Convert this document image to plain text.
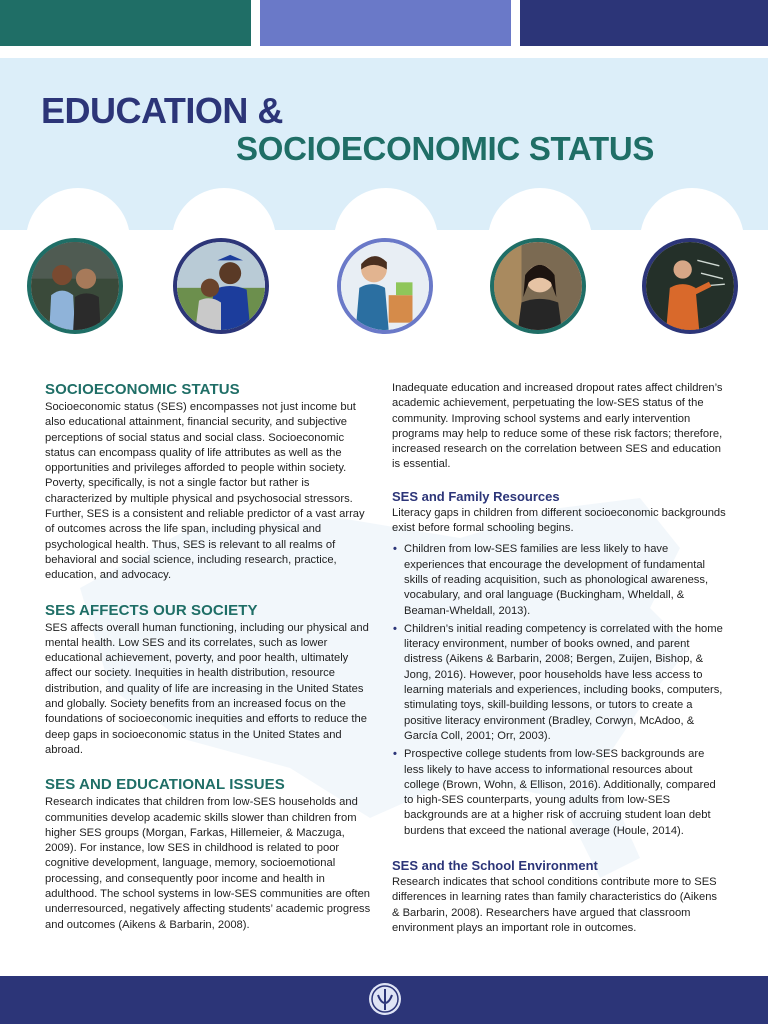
EDUCATION &
SOCIOECONOMIC STATUS
SOCIOECONOMIC STATUS

Socioeconomic status (SES) encompasses not just income but also educational attainment, financial security, and subjective perceptions of social status and social class. Socioeconomic status can encompass quality of life attributes as well as the opportunities and privileges afforded to people within society. Poverty, specifically, is not a single factor but rather is characterized by multiple physical and psychosocial stressors. Further, SES is a consistent and reliable predictor of a vast array of outcomes across the life span, including physical and psychological health. Thus, SES is relevant to all realms of behavioral and social science, including research, practice, education, and advocacy.

SES AFFECTS OUR SOCIETY

SES affects overall human functioning, including our physical and mental health. Low SES and its correlates, such as lower educational achievement, poverty, and poor health, ultimately affect our society. Inequities in health distribution, resource distribution, and quality of life are increasing in the United States and globally. Society benefits from an increased focus on the foundations of socioeconomic inequities and efforts to reduce the deep gaps in socioeconomic status in the United States and abroad.

SES AND EDUCATIONAL ISSUES

Research indicates that children from low-SES households and communities develop academic skills slower than children from higher SES groups (Morgan, Farkas, Hillemeier, & Maczuga, 2009). For instance, low SES in childhood is related to poor cognitive development, language, memory, socioemotional processing, and consequently poor income and health in adulthood. The school systems in low-SES communities are often underresourced, negatively affecting students’ academic progress and outcomes (Aikens & Barbarin, 2008).

Inadequate education and increased dropout rates affect children’s academic achievement, perpetuating the low-SES status of the community. Improving school systems and early intervention programs may help to reduce some of these risk factors; therefore, increased research on the correlation between SES and education is essential.

SES and Family Resources

Literacy gaps in children from different socioeconomic backgrounds exist before formal schooling begins.

• Children from low-SES families are less likely to have experiences that encourage the development of fundamental skills of reading acquisition, such as phonological awareness, vocabulary, and oral language (Buckingham, Wheldall, & Beaman-Wheldall, 2013).
• Children’s initial reading competency is correlated with the home literacy environment, number of books owned, and parent distress (Aikens & Barbarin, 2008; Bergen, Zuijen, Bishop, & Jong, 2016). However, poor households have less access to learning materials and experiences, including books, computers, stimulating toys, skill-building lessons, or tutors to create a positive literacy environment (Bradley, Corwyn, McAdoo, & García Coll, 2001; Orr, 2003).
• Prospective college students from low-SES backgrounds are less likely to have access to informational resources about college (Brown, Wohn, & Ellison, 2016). Additionally, compared to high-SES counterparts, young adults from low-SES backgrounds are at a higher risk of accruing student loan debt burdens that exceed the national average (Houle, 2014).
SES and the School Environment

Research indicates that school conditions contribute more to SES differences in learning rates than family characteristics do (Aikens & Barbarin, 2008). Researchers have argued that classroom environment plays an important role in outcomes.
